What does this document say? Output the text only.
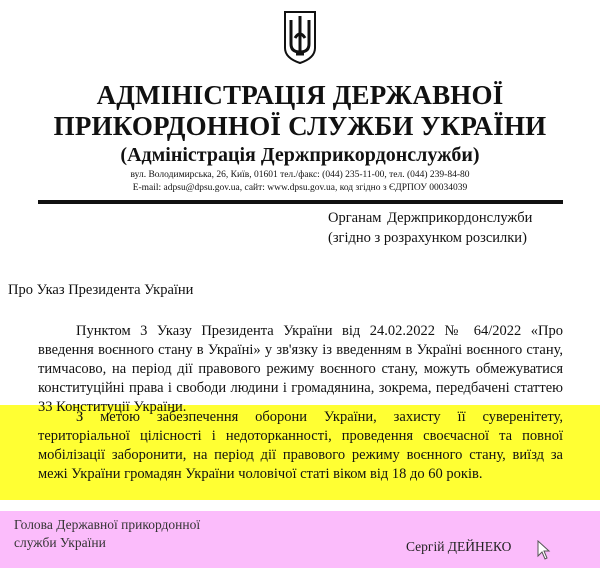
АДМІНІСТРАЦІЯ ДЕРЖАВНОЇ
ПРИКОРДОННОЇ СЛУЖБИ УКРАЇНИ
(Адміністрація Держприкордонслужби)
вул. Володимирська, 26, Київ, 01601 тел./факс: (044) 235-11-00, тел. (044) 239-84-80
E-mail: adpsu@dpsu.gov.ua, сайт: www.dpsu.gov.ua, код згідно з ЄДРПОУ 00034039
Органам Держприкордонслужби
(згідно з розрахунком розсилки)
Про Указ Президента України
Пунктом 3 Указу Президента України від 24.02.2022 № 64/2022 «Про введення воєнного стану в Україні» у зв'язку із введенням в Україні воєнного стану, тимчасово, на період дії правового режиму воєнного стану, можуть обмежуватися конституційні права і свободи людини і громадянина, зокрема, передбачені статтею 33 Конституції України.
З метою забезпечення оборони України, захисту її суверенітету, територіальної цілісності і недоторканності, проведення своєчасної та повної мобілізації заборонити, на період дії правового режиму воєнного стану, виїзд за межі України громадян України чоловічої статі віком від 18 до 60 років.
Голова Державної прикордонної
служби України	Сергій ДЕЙНЕКО
